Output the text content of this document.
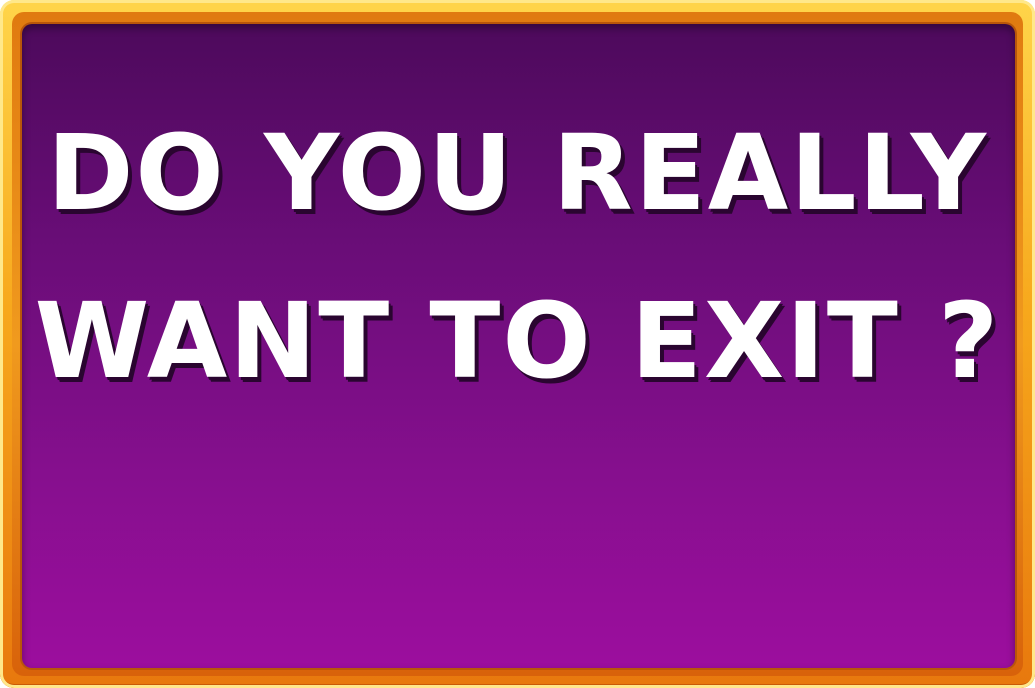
DO YOU REALLY
WANT TO EXIT ?
